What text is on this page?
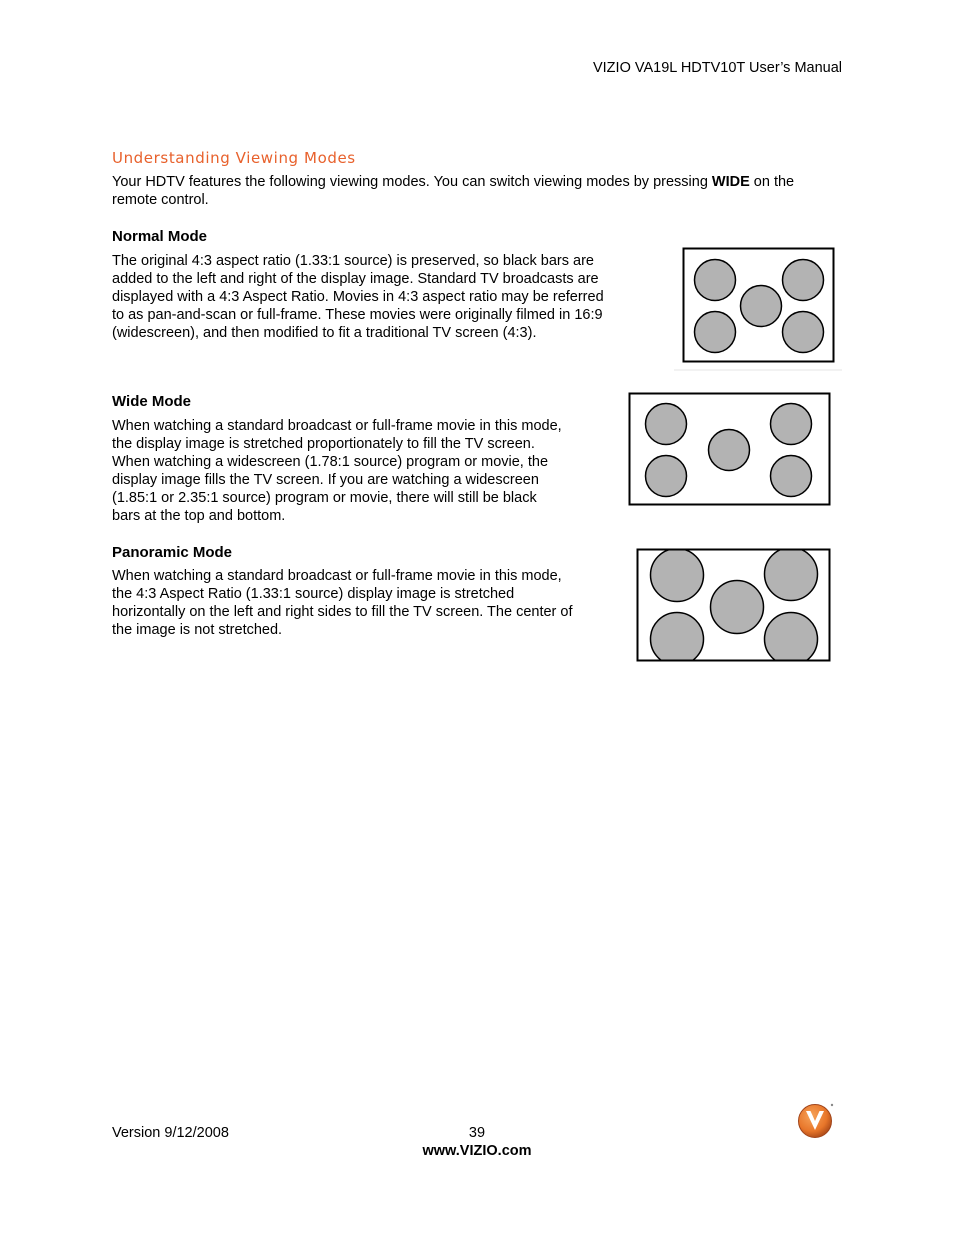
VIZIO VA19L HDTV10T User’s Manual
Understanding Viewing Modes
Your HDTV features the following viewing modes. You can switch viewing modes by pressing WIDE on the remote control.
Normal Mode

The original 4:3 aspect ratio (1.33:1 source) is preserved, so black bars are

added to the left and right of the display image. Standard TV broadcasts are

displayed with a 4:3 Aspect Ratio. Movies in 4:3 aspect ratio may be referred

to as pan-and-scan or full-frame. These movies were originally filmed in 16:9

(widescreen), and then modified to fit a traditional TV screen (4:3).

Wide Mode

When watching a standard broadcast or full-frame movie in this mode,

the display image is stretched proportionately to fill the TV screen.

When watching a widescreen (1.78:1 source) program or movie, the

display image fills the TV screen. If you are watching a widescreen

(1.85:1 or 2.35:1 source) program or movie, there will still be black

bars at the top and bottom.

Panoramic Mode

When watching a standard broadcast or full-frame movie in this mode,

the 4:3 Aspect Ratio (1.33:1 source) display image is stretched

horizontally on the left and right sides to fill the TV screen. The center of

the image is not stretched.

Version 9/12/2008	39
www.VIZIO.com
